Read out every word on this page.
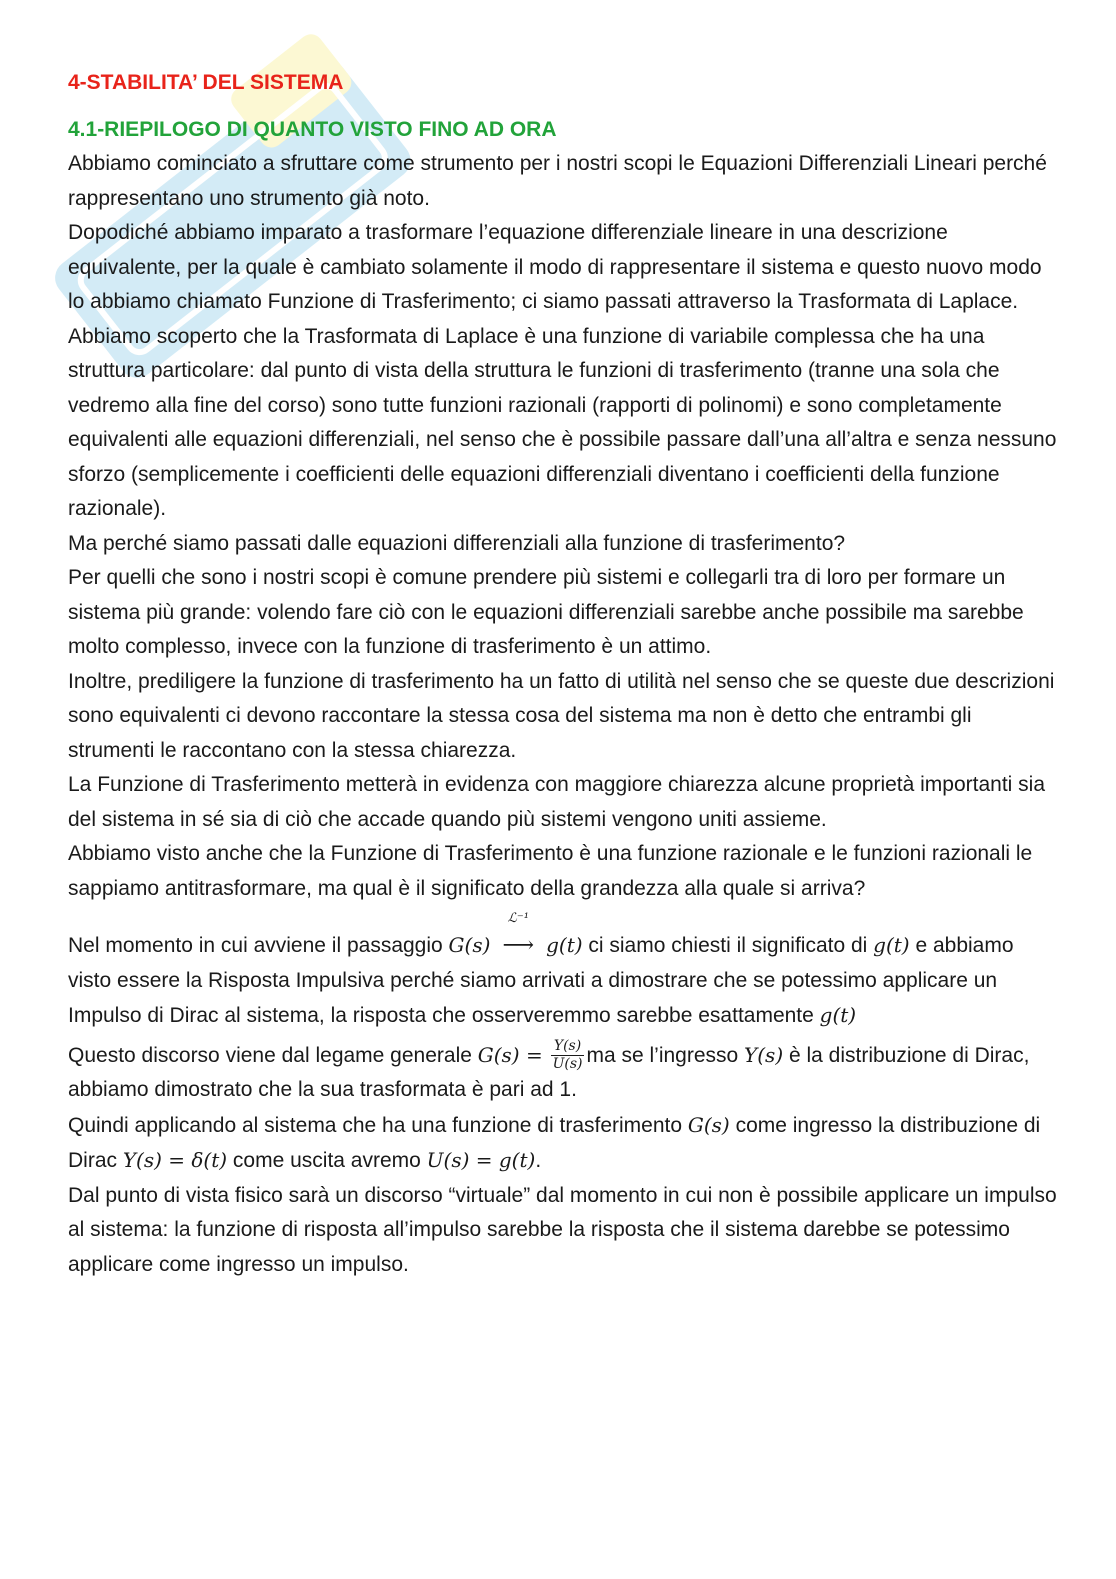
4-STABILITA’ DEL SISTEMA
4.1-RIEPILOGO DI QUANTO VISTO FINO AD ORA

Abbiamo cominciato a sfruttare come strumento per i nostri scopi le Equazioni Differenziali Lineari perché rappresentano uno strumento già noto.

Dopodiché abbiamo imparato a trasformare l’equazione differenziale lineare in una descrizione equivalente, per la quale è cambiato solamente il modo di rappresentare il sistema e questo nuovo modo lo abbiamo chiamato Funzione di Trasferimento; ci siamo passati attraverso la Trasformata di Laplace.

Abbiamo scoperto che la Trasformata di Laplace è una funzione di variabile complessa che ha una struttura particolare: dal punto di vista della struttura le funzioni di trasferimento (tranne una sola che vedremo alla fine del corso) sono tutte funzioni razionali (rapporti di polinomi) e sono completamente equivalenti alle equazioni differenziali, nel senso che è possibile passare dall’una all’altra e senza nessuno sforzo (semplicemente i coefficienti delle equazioni differenziali diventano i coefficienti della funzione razionale).

Ma perché siamo passati dalle equazioni differenziali alla funzione di trasferimento?

Per quelli che sono i nostri scopi è comune prendere più sistemi e collegarli tra di loro per formare un sistema più grande: volendo fare ciò con le equazioni differenziali sarebbe anche possibile ma sarebbe molto complesso, invece con la funzione di trasferimento è un attimo.

Inoltre, prediligere la funzione di trasferimento ha un fatto di utilità nel senso che se queste due descrizioni sono equivalenti ci devono raccontare la stessa cosa del sistema ma non è detto che entrambi gli strumenti le raccontano con la stessa chiarezza.

La Funzione di Trasferimento metterà in evidenza con maggiore chiarezza alcune proprietà importanti sia del sistema in sé sia di ciò che accade quando più sistemi vengono uniti assieme.

Abbiamo visto anche che la Funzione di Trasferimento è una funzione razionale e le funzioni razionali le sappiamo antitrasformare, ma qual è il significato della grandezza alla quale si arriva?

Nel momento in cui avviene il passaggio G(s)
ℒ⁻¹
⟶ g(t) ci siamo chiesti il significato di g(t) e abbiamo visto essere la Risposta Impulsiva perché siamo arrivati a dimostrare che se potessimo applicare un Impulso di Dirac al sistema, la risposta che osserveremmo sarebbe esattamente g(t)

Questo discorso viene dal legame generale $G(s) = \frac{Y(s)}{U(s)}$ ma se l’ingresso Y(s) è la distribuzione di Dirac, abbiamo dimostrato che la sua trasformata è pari ad 1.

Quindi applicando al sistema che ha una funzione di trasferimento G(s) come ingresso la distribuzione di Dirac Y(s) = δ(t) come uscita avremo U(s) = g(t).

Dal punto di vista fisico sarà un discorso “virtuale” dal momento in cui non è possibile applicare un impulso al sistema: la funzione di risposta all’impulso sarebbe la risposta che il sistema darebbe se potessimo applicare come ingresso un impulso.
